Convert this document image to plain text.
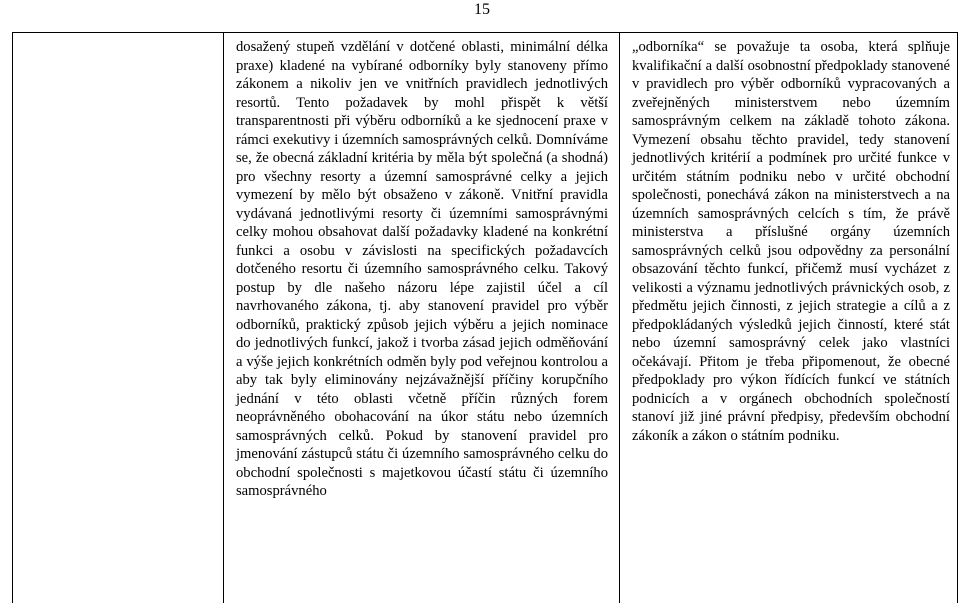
15

dosažený stupeň vzdělání v dotčené oblasti, minimální délka praxe) kladené na vybírané odborníky byly stanoveny přímo zákonem a nikoliv jen ve vnitřních pravidlech jednotlivých resortů. Tento požadavek by mohl přispět k větší transparentnosti při výběru odborníků a ke sjednocení praxe v rámci exekutivy i územních samosprávných celků. Domníváme se, že obecná základní kritéria by měla být společná (a shodná) pro všechny resorty a územní samosprávné celky a jejich vymezení by mělo být obsaženo v zákoně. Vnitřní pravidla vydávaná jednotlivými resorty či územními samosprávnými celky mohou obsahovat další požadavky kladené na konkrétní funkci a osobu v závislosti na specifických požadavcích dotčeného resortu či územního samosprávného celku. Takový postup by dle našeho názoru lépe zajistil účel a cíl navrhovaného zákona, tj. aby stanovení pravidel pro výběr odborníků, praktický způsob jejich výběru a jejich nominace do jednotlivých funkcí, jakož i tvorba zásad jejich odměňování a výše jejich konkrétních odměn byly pod veřejnou kontrolou a aby tak byly eliminovány nejzávažnější příčiny korupčního jednání v této oblasti včetně příčin různých forem neoprávněného obohacování na úkor státu nebo územních samosprávných celků. Pokud by stanovení pravidel pro jmenování zástupců státu či územního samosprávného celku do obchodní společnosti s majetkovou účastí státu či územního samosprávného

„odborníka“ se považuje ta osoba, která splňuje kvalifikační a další osobnostní předpoklady stanovené v pravidlech pro výběr odborníků vypracovaných a zveřejněných ministerstvem nebo územním samosprávným celkem na základě tohoto zákona. Vymezení obsahu těchto pravidel, tedy stanovení jednotlivých kritérií a podmínek pro určité funkce v určitém státním podniku nebo v určité obchodní společnosti, ponechává zákon na ministerstvech a na územních samosprávných celcích s tím, že právě ministerstva a příslušné orgány územních samosprávných celků jsou odpovědny za personální obsazování těchto funkcí, přičemž musí vycházet z velikosti a významu jednotlivých právnických osob, z předmětu jejich činnosti, z jejich strategie a cílů a z předpokládaných výsledků jejich činností, které stát nebo územní samosprávný celek jako vlastníci očekávají. Přitom je třeba připomenout, že obecné předpoklady pro výkon řídících funkcí ve státních podnicích a v orgánech obchodních společností stanoví již jiné právní předpisy, především obchodní zákoník a zákon o státním podniku.
